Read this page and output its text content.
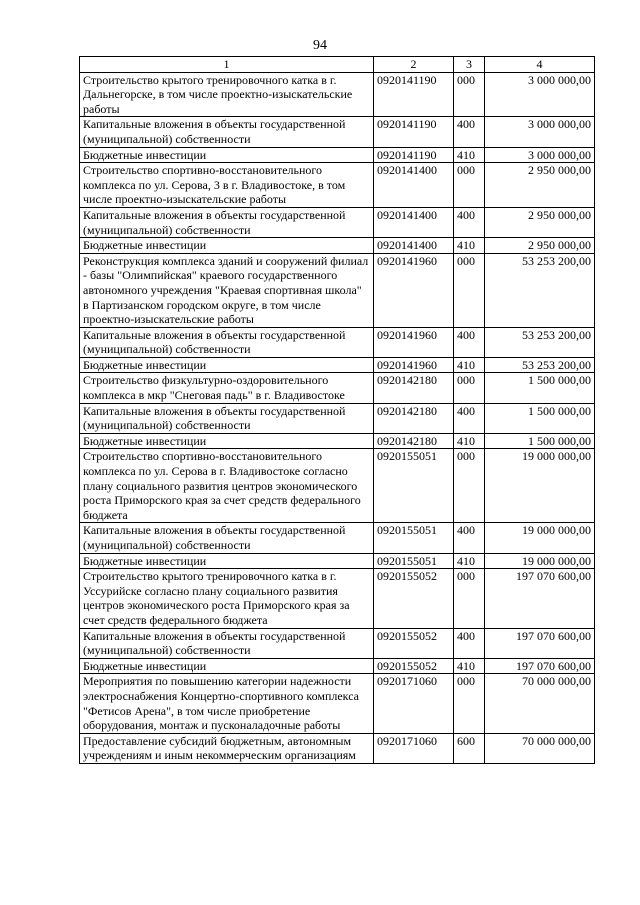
94
1	2	3	4
Строительство крытого тренировочного катка в г. Дальнегорске, в том числе проектно-изыскательские работы	0920141190	000	3 000 000,00
Капитальные вложения в объекты государственной (муниципальной) собственности	0920141190	400	3 000 000,00
Бюджетные инвестиции	0920141190	410	3 000 000,00
Строительство спортивно-восстановительного комплекса по ул. Серова, 3 в г. Владивостоке, в том числе проектно-изыскательские работы	0920141400	000	2 950 000,00
Капитальные вложения в объекты государственной (муниципальной) собственности	0920141400	400	2 950 000,00
Бюджетные инвестиции	0920141400	410	2 950 000,00
Реконструкция комплекса зданий и сооружений филиал - базы "Олимпийская" краевого государственного автономного учреждения "Краевая спортивная школа" в Партизанском городском округе, в том числе проектно-изыскательские работы	0920141960	000	53 253 200,00
Капитальные вложения в объекты государственной (муниципальной) собственности	0920141960	400	53 253 200,00
Бюджетные инвестиции	0920141960	410	53 253 200,00
Строительство физкультурно-оздоровительного комплекса в мкр "Снеговая падь" в г. Владивостоке	0920142180	000	1 500 000,00
Капитальные вложения в объекты государственной (муниципальной) собственности	0920142180	400	1 500 000,00
Бюджетные инвестиции	0920142180	410	1 500 000,00
Строительство спортивно-восстановительного комплекса по ул. Серова в г. Владивостоке согласно плану социального развития центров экономического роста Приморского края за счет средств федерального бюджета	0920155051	000	19 000 000,00
Капитальные вложения в объекты государственной (муниципальной) собственности	0920155051	400	19 000 000,00
Бюджетные инвестиции	0920155051	410	19 000 000,00
Строительство крытого тренировочного катка в г. Уссурийске согласно плану социального развития центров экономического роста Приморского края за счет средств федерального бюджета	0920155052	000	197 070 600,00
Капитальные вложения в объекты государственной (муниципальной) собственности	0920155052	400	197 070 600,00
Бюджетные инвестиции	0920155052	410	197 070 600,00
Мероприятия по повышению категории надежности электроснабжения Концертно-спортивного комплекса "Фетисов Арена", в том числе приобретение оборудования, монтаж и пусконаладочные работы	0920171060	000	70 000 000,00
Предоставление субсидий бюджетным, автономным учреждениям и иным некоммерческим организациям	0920171060	600	70 000 000,00
